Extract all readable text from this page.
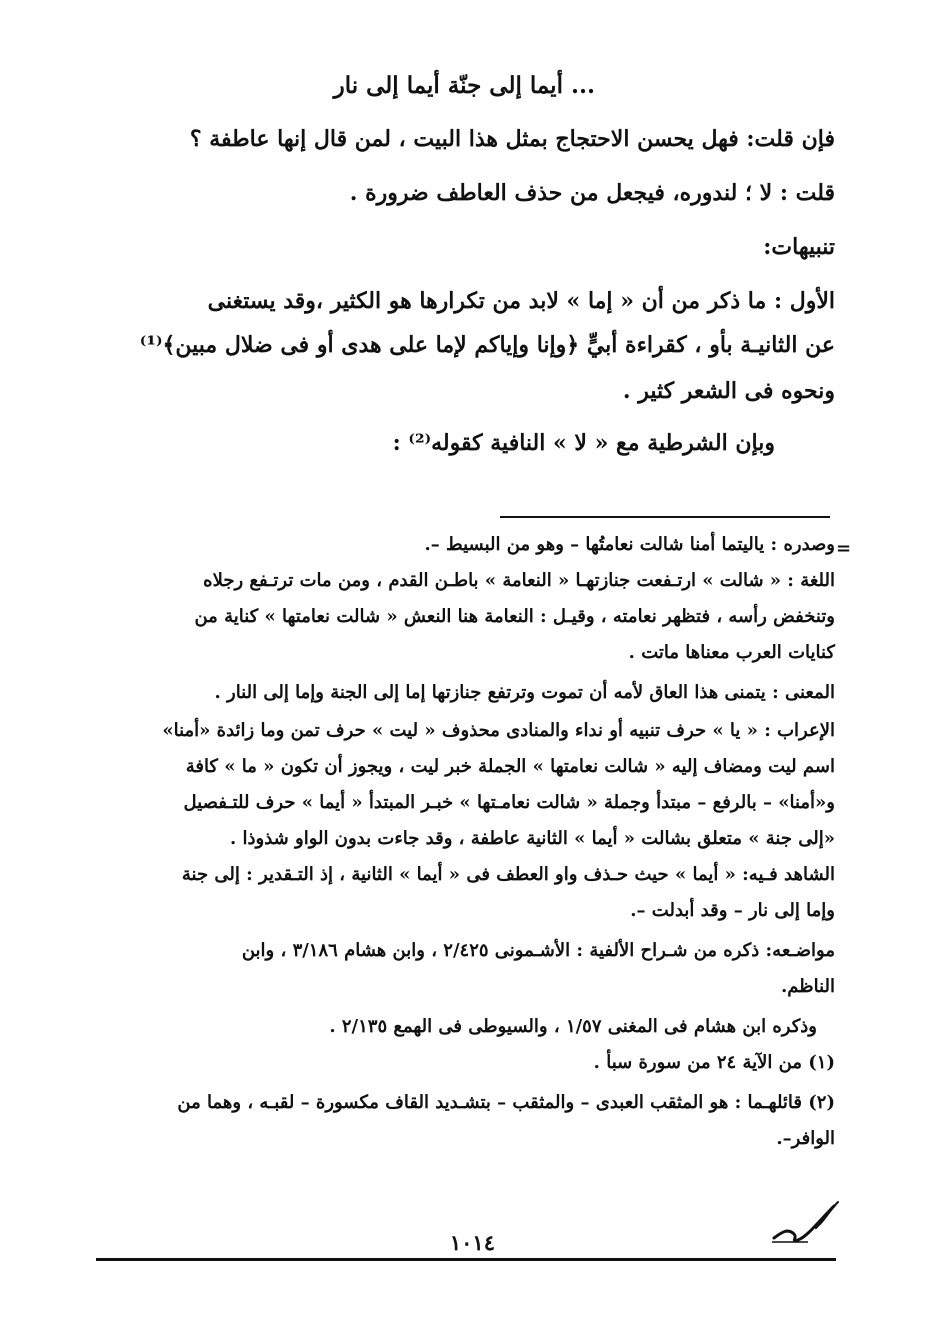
... أيما إلى جنّة أيما إلى نار
فإن قلت: فهل يحسن الاحتجاج بمثل هذا البيت ، لمن قال إنها عاطفة ؟
قلت : لا ؛ لندوره، فيجعل من حذف العاطف ضرورة .
تنبيهات:
الأول : ما ذكر من أن « إما » لابد من تكرارها هو الكثير ،وقد يستغنى
عن الثانيـة بأو ، كقراءة أبيٍّ ﴿وإنا وإياكم لإما على هدى أو فى ضلال مبين﴾⁽¹⁾
ونحوه فى الشعر كثير .
وبإن الشرطية مع « لا » النافية كقوله⁽²⁾ :
=
وصدره : ياليتما أمنا شالت نعامتُها – وهو من البسيط –.
اللغة : « شالت » ارتـفعت جنازتهـا « النعامة » باطـن القدم ، ومن مات ترتـفع رجلاه
وتنخفض رأسه ، فتظهر نعامته ، وقيـل : النعامة هنا النعش « شالت نعامتها » كناية من
كنايات العرب معناها ماتت .
المعنى : يتمنى هذا العاق لأمه أن تموت وترتفع جنازتها إما إلى الجنة وإما إلى النار .
الإعراب : « يا » حرف تنبيه أو نداء والمنادى محذوف « ليت » حرف تمن وما زائدة «أمنا»
اسم ليت ومضاف إليه « شالت نعامتها » الجملة خبر ليت ، ويجوز أن تكون « ما » كافة
و«أمنا» – بالرفع – مبتدأ وجملة « شالت نعامـتها » خبـر المبتدأ « أيما » حرف للتـفصيل
«إلى جنة » متعلق بشالت « أيما » الثانية عاطفة ، وقد جاءت بدون الواو شذوذا .
الشاهد فـيه: « أيما » حيث حـذف واو العطف فى « أيما » الثانية ، إذ التـقدير : إلى جنة
وإما إلى نار – وقد أبدلت –.
مواضـعه: ذكره من شـراح الألفية : الأشـمونى ٢/٤٢٥ ، وابن هشام ٣/١٨٦ ، وابن
الناظم.
وذكره ابن هشام فى المغنى ١/٥٧ ، والسيوطى فى الهمع ٢/١٣٥ .
(١) من الآية ٢٤ من سورة سبأ .
(٢) قائلهـما : هو المثقب العبدى – والمثقب – بتشـديد القاف مكسورة – لقبـه ، وهما من
الوافر–.
١٠١٤
